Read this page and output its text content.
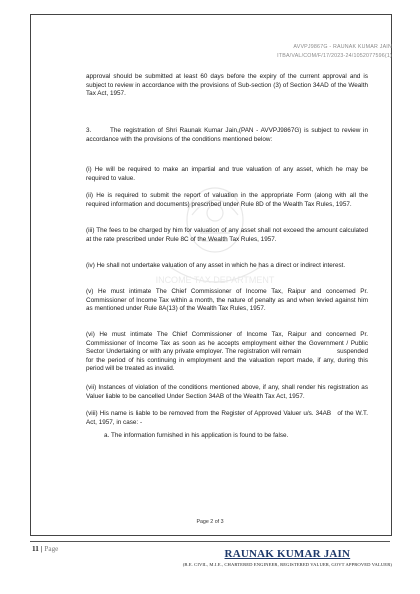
AVVPJ9867G - RAUNAK KUMAR JAIN
ITBA/VAL/COM/F/17/2023-24/1052077596(1)

approval should be submitted at least 60 days before the expiry of the current approval and is subject to review in accordance with the provisions of Sub-section (3) of Section 34AD of the Wealth Tax Act, 1957.

3.       The registration of Shri Raunak Kumar Jain,(PAN - AVVPJ9867G) is subject to review in accordance with the provisions of the conditions mentioned below:

(i) He will be required to make an impartial and true valuation of any asset, which he may be required to value.

(ii) He is required to submit the report of valuation in the appropriate Form (along with all the required information and documents) prescribed under Rule 8D of the Wealth Tax Rules, 1957.

(iii) The fees to be charged by him for valuation of any asset shall not exceed the amount calculated at the rate prescribed under Rule 8C of the Wealth Tax Rules, 1957.

(iv) He shall not undertake valuation of any asset in which he has a direct or indirect interest.

(v) He must intimate The Chief Commissioner of Income Tax, Raipur and concerned Pr. Commissioner of Income Tax within a month, the nature of penalty as and when levied against him as mentioned under Rule 8A(13) of the Wealth Tax Rules, 1957.

(vi) He must intimate The Chief Commissioner of Income Tax, Raipur and concerned Pr. Commissioner of Income Tax as soon as he accepts employment either the Government / Public Sector Undertaking or with any private employer. The registration will remain                   suspended for the period of his continuing in employment and the valuation report made, if any, during this period will be treated as invalid.

(vii) Instances of violation of the conditions mentioned above, if any, shall render his registration as Valuer liable to be cancelled Under Section 34AB of the Wealth Tax Act, 1957.

(viii) His name is liable to be removed from the Register of Approved Valuer u/s. 34AB   of the W.T. Act, 1957, in case: -

a. The information furnished in his application is found to be false.

Page 2 of 3
11 | Page	RAUNAK KUMAR JAIN
(B.E. CIVIL, M.I.E., CHARTERED ENGINEER, REGISTERED VALUER, GOVT APPROVED VALUER)
